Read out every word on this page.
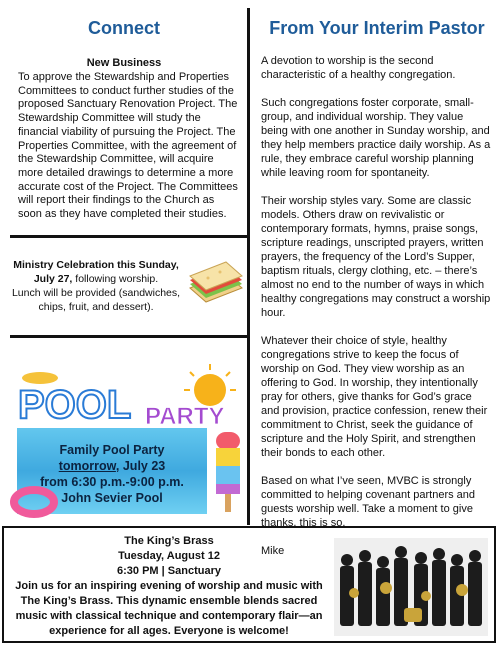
Connect
New Business
To approve the Stewardship and Properties Committees to conduct further studies of the proposed Sanctuary Renovation Project. The Stewardship Committee will study the financial viability of pursuing the Project. The Properties Committee, with the agreement of the Stewardship Committee, will acquire more detailed drawings to determine a more accurate cost of the Project. The Committees will report their findings to the Church as soon as they have completed their studies.
Ministry Celebration this Sunday,
July 27, following worship.
Lunch will be provided (sandwiches, chips, fruit, and dessert).
POOL PARTY
Family Pool Party
tomorrow, July 23
from 6:30 p.m.-9:00 p.m.
John Sevier Pool
From Your Interim Pastor

A devotion to worship is the second characteristic of a healthy congregation.

Such congregations foster corporate, small-group, and individual worship. They value being with one another in Sunday worship, and they help members practice daily worship. As a rule, they embrace careful worship planning while leaving room for spontaneity.

Their worship styles vary. Some are classic models. Others draw on revivalistic or contemporary formats, hymns, praise songs, scripture readings, unscripted prayers, written prayers, the frequency of the Lord’s Supper, baptism rituals, clergy clothing, etc. – there’s almost no end to the number of ways in which healthy congregations may construct a worship hour.

Whatever their choice of style, healthy congregations strive to keep the focus of worship on God. They view worship as an offering to God. In worship, they intentionally pray for others, give thanks for God’s grace and provision, practice confession, renew their commitment to Christ, seek the guidance of scripture and the Holy Spirit, and strengthen their bonds to each other.

Based on what I’ve seen, MVBC is strongly committed to helping covenant partners and guests worship well. Take a moment to give thanks, this is so.

Mike

The King’s Brass
Tuesday, August 12
6:30 PM | Sanctuary
Join us for an inspiring evening of worship and music with The King’s Brass. This dynamic ensemble blends sacred music with classical technique and contemporary flair—an experience for all ages. Everyone is welcome!
